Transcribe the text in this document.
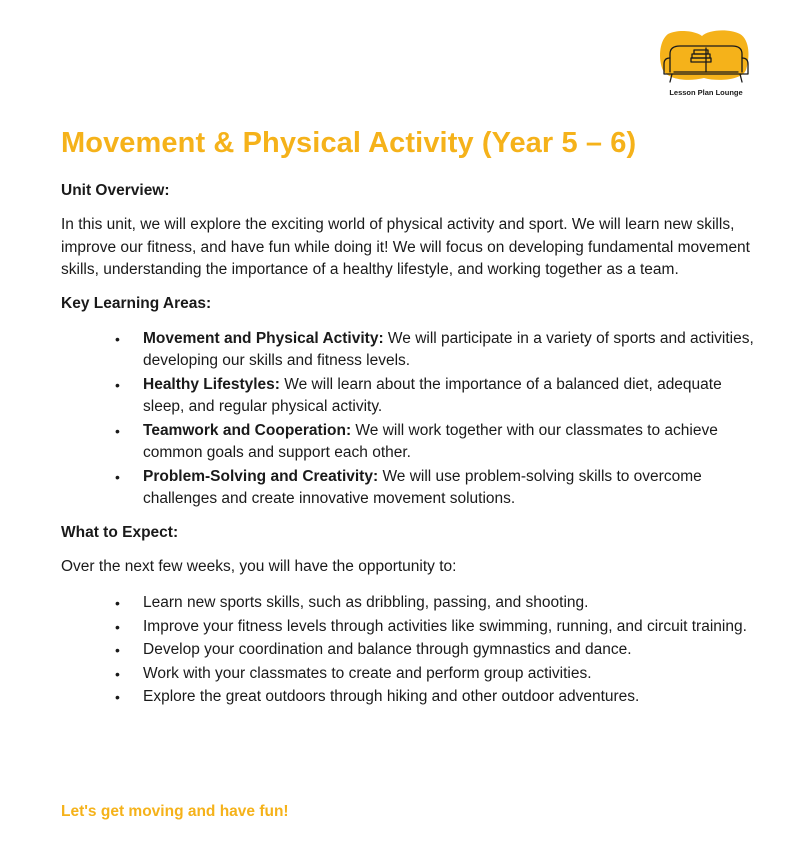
Lesson Plan Lounge
Movement & Physical Activity (Year 5 – 6)

Unit Overview:

In this unit, we will explore the exciting world of physical activity and sport. We will learn new skills, improve our fitness, and have fun while doing it! We will focus on developing fundamental movement skills, understanding the importance of a healthy lifestyle, and working together as a team.

Key Learning Areas:

• Movement and Physical Activity: We will participate in a variety of sports and activities, developing our skills and fitness levels.
• Healthy Lifestyles: We will learn about the importance of a balanced diet, adequate sleep, and regular physical activity.
• Teamwork and Cooperation: We will work together with our classmates to achieve common goals and support each other.
• Problem-Solving and Creativity: We will use problem-solving skills to overcome challenges and create innovative movement solutions.

What to Expect:

Over the next few weeks, you will have the opportunity to:

• Learn new sports skills, such as dribbling, passing, and shooting.
• Improve your fitness levels through activities like swimming, running, and circuit training.
• Develop your coordination and balance through gymnastics and dance.
• Work with your classmates to create and perform group activities.
• Explore the great outdoors through hiking and other outdoor adventures.

Let's get moving and have fun!
